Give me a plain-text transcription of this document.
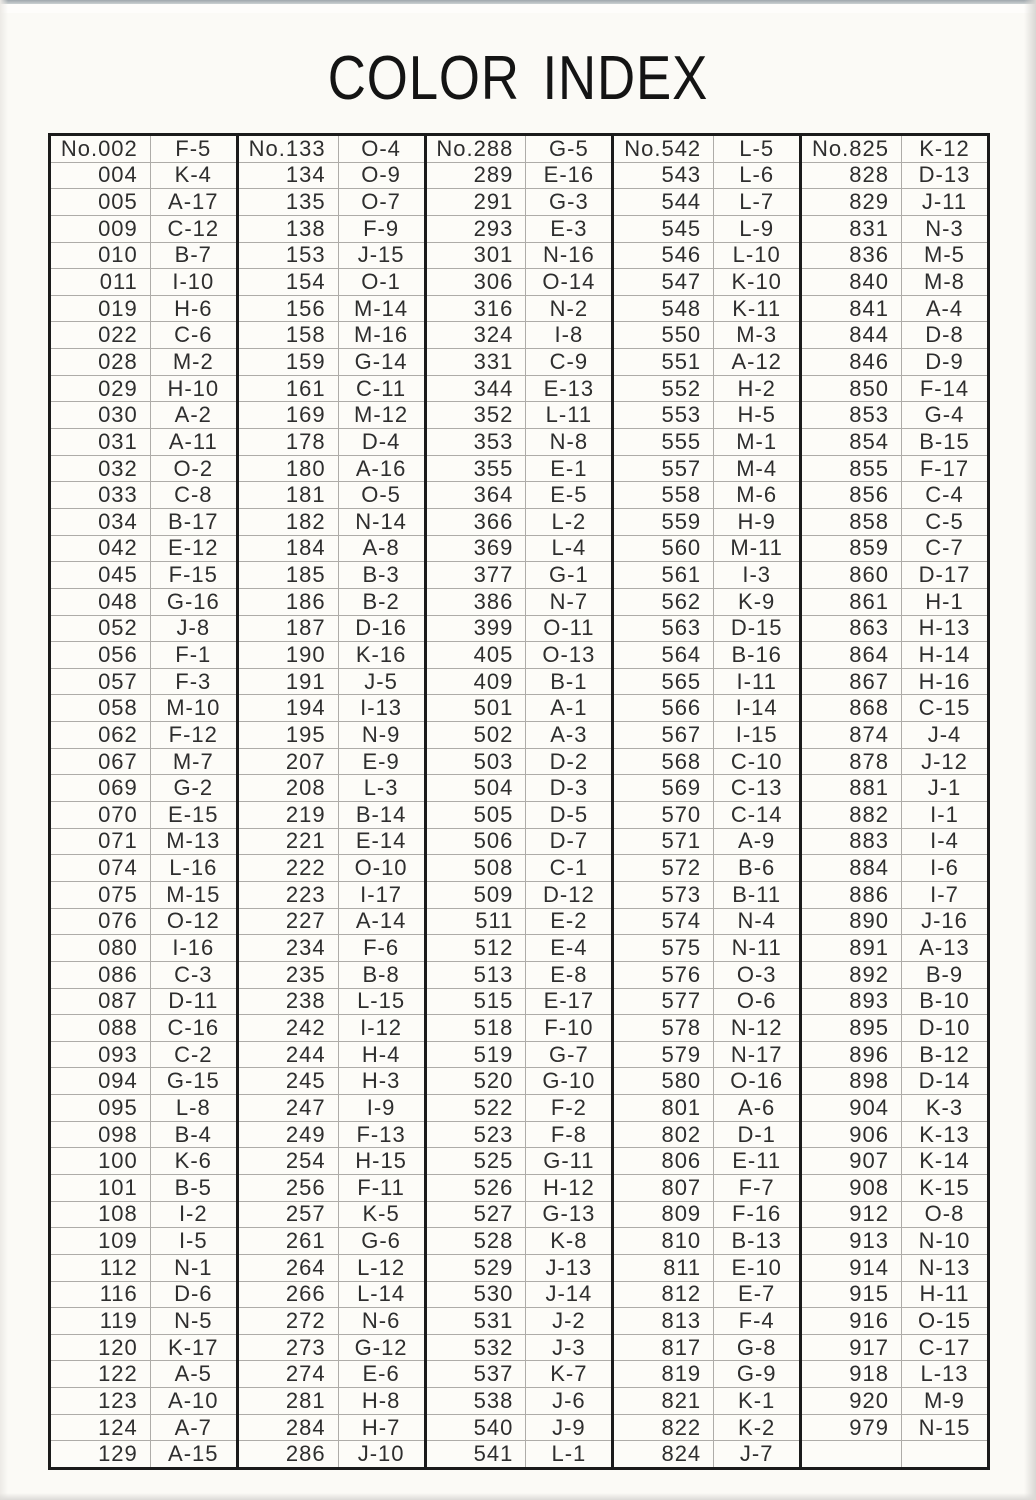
COLOR INDEX
No.002	F-5
004	K-4
005	A-17
009	C-12
010	B-7
011	I-10
019	H-6
022	C-6
028	M-2
029	H-10
030	A-2
031	A-11
032	O-2
033	C-8
034	B-17
042	E-12
045	F-15
048	G-16
052	J-8
056	F-1
057	F-3
058	M-10
062	F-12
067	M-7
069	G-2
070	E-15
071	M-13
074	L-16
075	M-15
076	O-12
080	I-16
086	C-3
087	D-11
088	C-16
093	C-2
094	G-15
095	L-8
098	B-4
100	K-6
101	B-5
108	I-2
109	I-5
112	N-1
116	D-6
119	N-5
120	K-17
122	A-5
123	A-10
124	A-7
129	A-15
No.133	O-4
134	O-9
135	O-7
138	F-9
153	J-15
154	O-1
156	M-14
158	M-16
159	G-14
161	C-11
169	M-12
178	D-4
180	A-16
181	O-5
182	N-14
184	A-8
185	B-3
186	B-2
187	D-16
190	K-16
191	J-5
194	I-13
195	N-9
207	E-9
208	L-3
219	B-14
221	E-14
222	O-10
223	I-17
227	A-14
234	F-6
235	B-8
238	L-15
242	I-12
244	H-4
245	H-3
247	I-9
249	F-13
254	H-15
256	F-11
257	K-5
261	G-6
264	L-12
266	L-14
272	N-6
273	G-12
274	E-6
281	H-8
284	H-7
286	J-10
No.288	G-5
289	E-16
291	G-3
293	E-3
301	N-16
306	O-14
316	N-2
324	I-8
331	C-9
344	E-13
352	L-11
353	N-8
355	E-1
364	E-5
366	L-2
369	L-4
377	G-1
386	N-7
399	O-11
405	O-13
409	B-1
501	A-1
502	A-3
503	D-2
504	D-3
505	D-5
506	D-7
508	C-1
509	D-12
511	E-2
512	E-4
513	E-8
515	E-17
518	F-10
519	G-7
520	G-10
522	F-2
523	F-8
525	G-11
526	H-12
527	G-13
528	K-8
529	J-13
530	J-14
531	J-2
532	J-3
537	K-7
538	J-6
540	J-9
541	L-1
No.542	L-5
543	L-6
544	L-7
545	L-9
546	L-10
547	K-10
548	K-11
550	M-3
551	A-12
552	H-2
553	H-5
555	M-1
557	M-4
558	M-6
559	H-9
560	M-11
561	I-3
562	K-9
563	D-15
564	B-16
565	I-11
566	I-14
567	I-15
568	C-10
569	C-13
570	C-14
571	A-9
572	B-6
573	B-11
574	N-4
575	N-11
576	O-3
577	O-6
578	N-12
579	N-17
580	O-16
801	A-6
802	D-1
806	E-11
807	F-7
809	F-16
810	B-13
811	E-10
812	E-7
813	F-4
817	G-8
819	G-9
821	K-1
822	K-2
824	J-7
No.825	K-12
828	D-13
829	J-11
831	N-3
836	M-5
840	M-8
841	A-4
844	D-8
846	D-9
850	F-14
853	G-4
854	B-15
855	F-17
856	C-4
858	C-5
859	C-7
860	D-17
861	H-1
863	H-13
864	H-14
867	H-16
868	C-15
874	J-4
878	J-12
881	J-1
882	I-1
883	I-4
884	I-6
886	I-7
890	J-16
891	A-13
892	B-9
893	B-10
895	D-10
896	B-12
898	D-14
904	K-3
906	K-13
907	K-14
908	K-15
912	O-8
913	N-10
914	N-13
915	H-11
916	O-15
917	C-17
918	L-13
920	M-9
979	N-15
